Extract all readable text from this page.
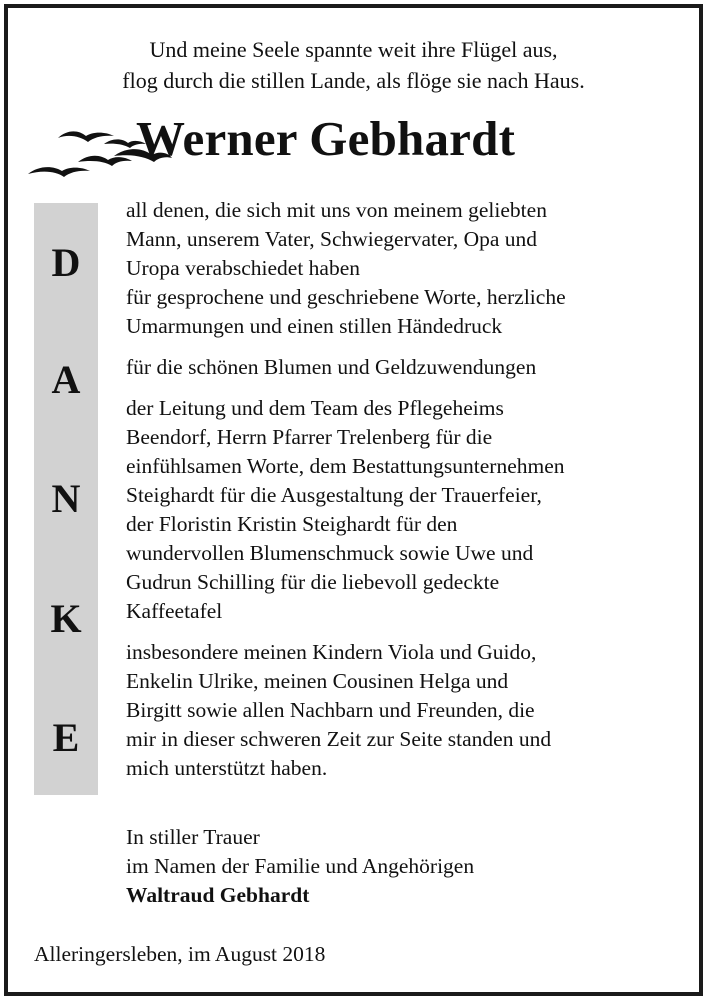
Und meine Seele spannte weit ihre Flügel aus,
flog durch die stillen Lande, als flöge sie nach Haus.
Werner Gebhardt
D
A
N
K
E
all denen, die sich mit uns von meinem geliebten
Mann, unserem Vater, Schwiegervater, Opa und
Uropa verabschiedet haben
für gesprochene und geschriebene Worte, herzliche
Umarmungen und einen stillen Händedruck
für die schönen Blumen und Geldzuwendungen
der Leitung und dem Team des Pflegeheims
Beendorf, Herrn Pfarrer Trelenberg für die
einfühlsamen Worte, dem Bestattungsunternehmen
Steighardt für die Ausgestaltung der Trauerfeier,
der Floristin Kristin Steighardt für den
wundervollen Blumenschmuck sowie Uwe und
Gudrun Schilling für die liebevoll gedeckte
Kaffeetafel
insbesondere meinen Kindern Viola und Guido,
Enkelin Ulrike, meinen Cousinen Helga und
Birgitt sowie allen Nachbarn und Freunden, die
mir in dieser schweren Zeit zur Seite standen und
mich unterstützt haben.
In stiller Trauer
im Namen der Familie und Angehörigen
Waltraud Gebhardt
Alleringersleben, im August 2018
